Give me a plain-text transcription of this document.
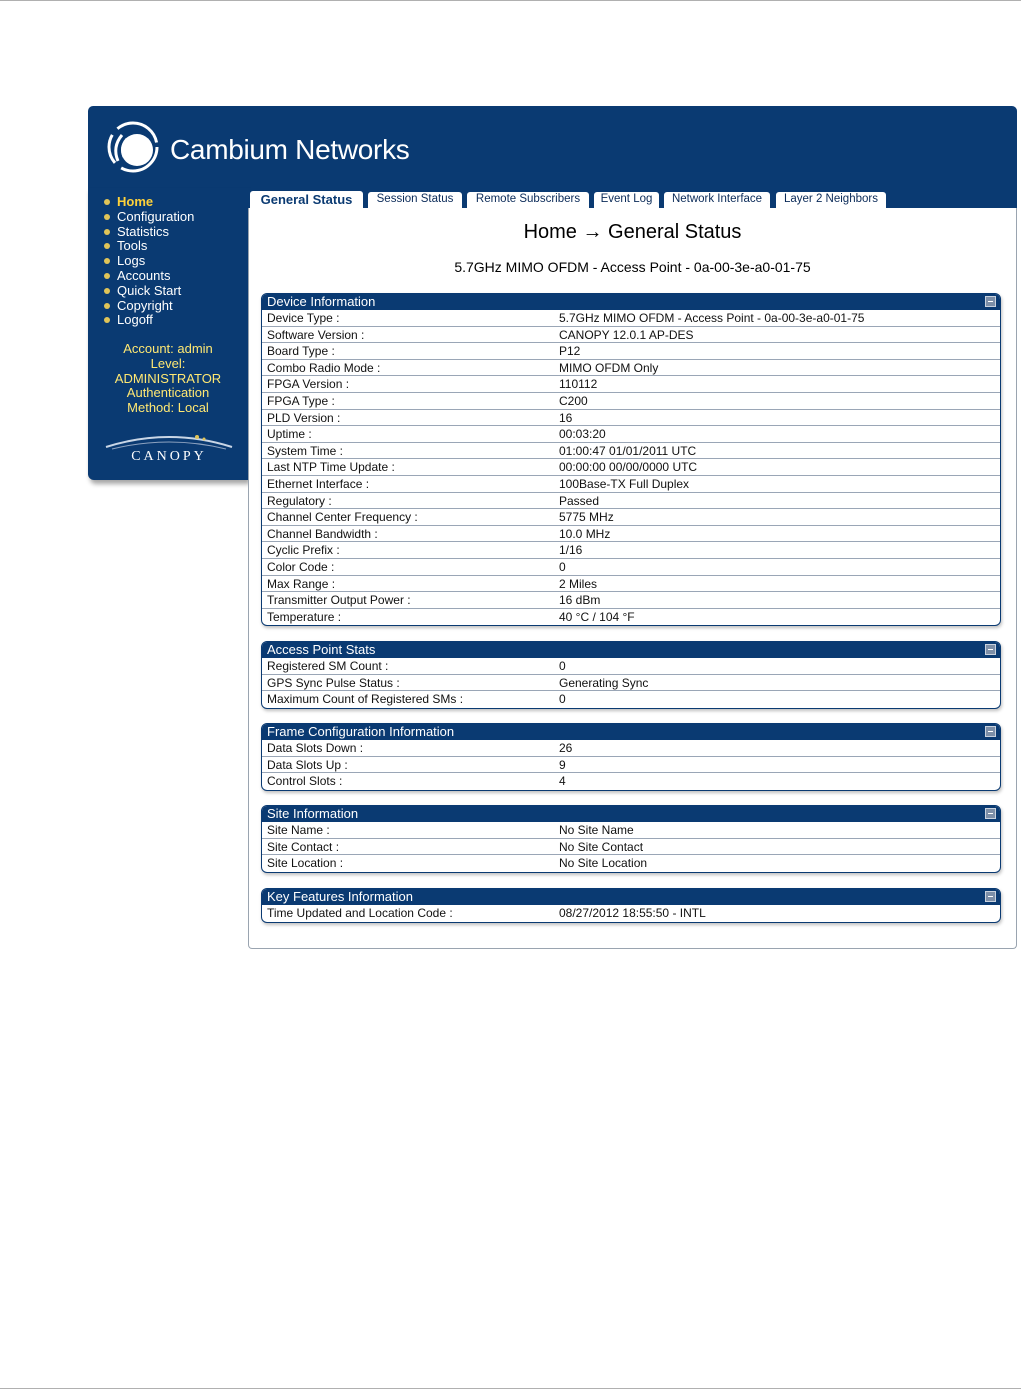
Cambium Networks
Home
Configuration
Statistics
Tools
Logs
Accounts
Quick Start
Copyright
Logoff
Account: admin
Level:
ADMINISTRATOR
Authentication
Method: Local
CANOPY
General Status	Session Status	Remote Subscribers	Event Log	Network Interface	Layer 2 Neighbors
Home → General Status
5.7GHz MIMO OFDM - Access Point - 0a-00-3e-a0-01-75
Device Information
Device Type :	5.7GHz MIMO OFDM - Access Point - 0a-00-3e-a0-01-75
Software Version :	CANOPY 12.0.1 AP-DES
Board Type :	P12
Combo Radio Mode :	MIMO OFDM Only
FPGA Version :	110112
FPGA Type :	C200
PLD Version :	16
Uptime :	00:03:20
System Time :	01:00:47 01/01/2011 UTC
Last NTP Time Update :	00:00:00 00/00/0000 UTC
Ethernet Interface :	100Base-TX Full Duplex
Regulatory :	Passed
Channel Center Frequency :	5775 MHz
Channel Bandwidth :	10.0 MHz
Cyclic Prefix :	1/16
Color Code :	0
Max Range :	2 Miles
Transmitter Output Power :	16 dBm
Temperature :	40 °C / 104 °F
Access Point Stats
Registered SM Count :	0
GPS Sync Pulse Status :	Generating Sync
Maximum Count of Registered SMs :	0
Frame Configuration Information
Data Slots Down :	26
Data Slots Up :	9
Control Slots :	4
Site Information
Site Name :	No Site Name
Site Contact :	No Site Contact
Site Location :	No Site Location
Key Features Information
Time Updated and Location Code :	08/27/2012 18:55:50 - INTL
